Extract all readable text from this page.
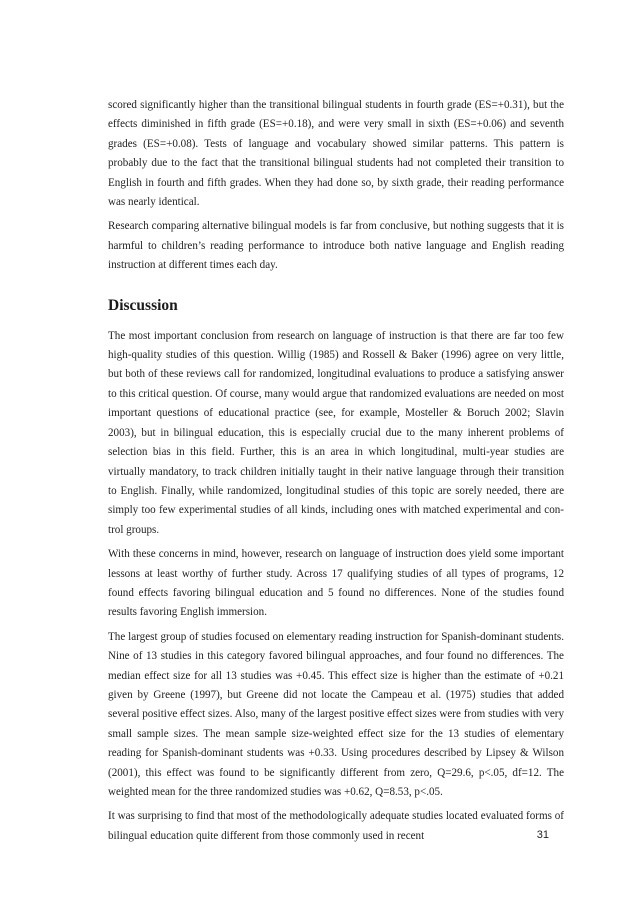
scored significantly higher than the transitional bilingual students in fourth grade (ES=+0.31), but the effects diminished in fifth grade (ES=+0.18), and were very small in sixth (ES=+0.06) and seventh grades (ES=+0.08). Tests of language and vocabulary showed similar patterns. This pattern is probably due to the fact that the transitional bilingual students had not completed their transition to English in fourth and fifth grades. When they had done so, by sixth grade, their reading performance was nearly identical.

Research comparing alternative bilingual models is far from conclusive, but nothing suggests that it is harmful to children’s reading performance to introduce both native language and English reading instruction at different times each day.

Discussion

The most important conclusion from research on language of instruction is that there are far too few high-quality studies of this question. Willig (1985) and Rossell & Baker (1996) agree on very little, but both of these reviews call for randomized, longitudinal evaluations to produce a satisfying answer to this critical question. Of course, many would argue that randomized evaluations are needed on most important questions of educational practice (see, for example, Mosteller & Boruch 2002; Slavin 2003), but in bilingual education, this is especially crucial due to the many inherent problems of selection bias in this field. Further, this is an area in which longitudinal, multi-year studies are virtually mandatory, to track children initially taught in their native language through their transition to English. Finally, while randomized, longitudinal studies of this topic are sorely needed, there are simply too few experimental studies of all kinds, including ones with matched experimental and control groups.

With these concerns in mind, however, research on language of instruction does yield some important lessons at least worthy of further study. Across 17 qualifying studies of all types of programs, 12 found effects favoring bilingual education and 5 found no differences. None of the studies found results favoring English immersion.

The largest group of studies focused on elementary reading instruction for Spanish-dominant students. Nine of 13 studies in this category favored bilingual approaches, and four found no differences. The median effect size for all 13 studies was +0.45. This effect size is higher than the estimate of +0.21 given by Greene (1997), but Greene did not locate the Campeau et al. (1975) studies that added several positive effect sizes. Also, many of the largest positive effect sizes were from studies with very small sample sizes. The mean sample size-weighted effect size for the 13 studies of elementary reading for Spanish-dominant students was +0.33. Using procedures described by Lipsey & Wilson (2001), this effect was found to be significantly different from zero, Q=29.6, p<.05, df=12. The weighted mean for the three randomized studies was +0.62, Q=8.53, p<.05.

It was surprising to find that most of the methodologically adequate studies located evaluated forms of bilingual education quite different from those commonly used in recent	31
